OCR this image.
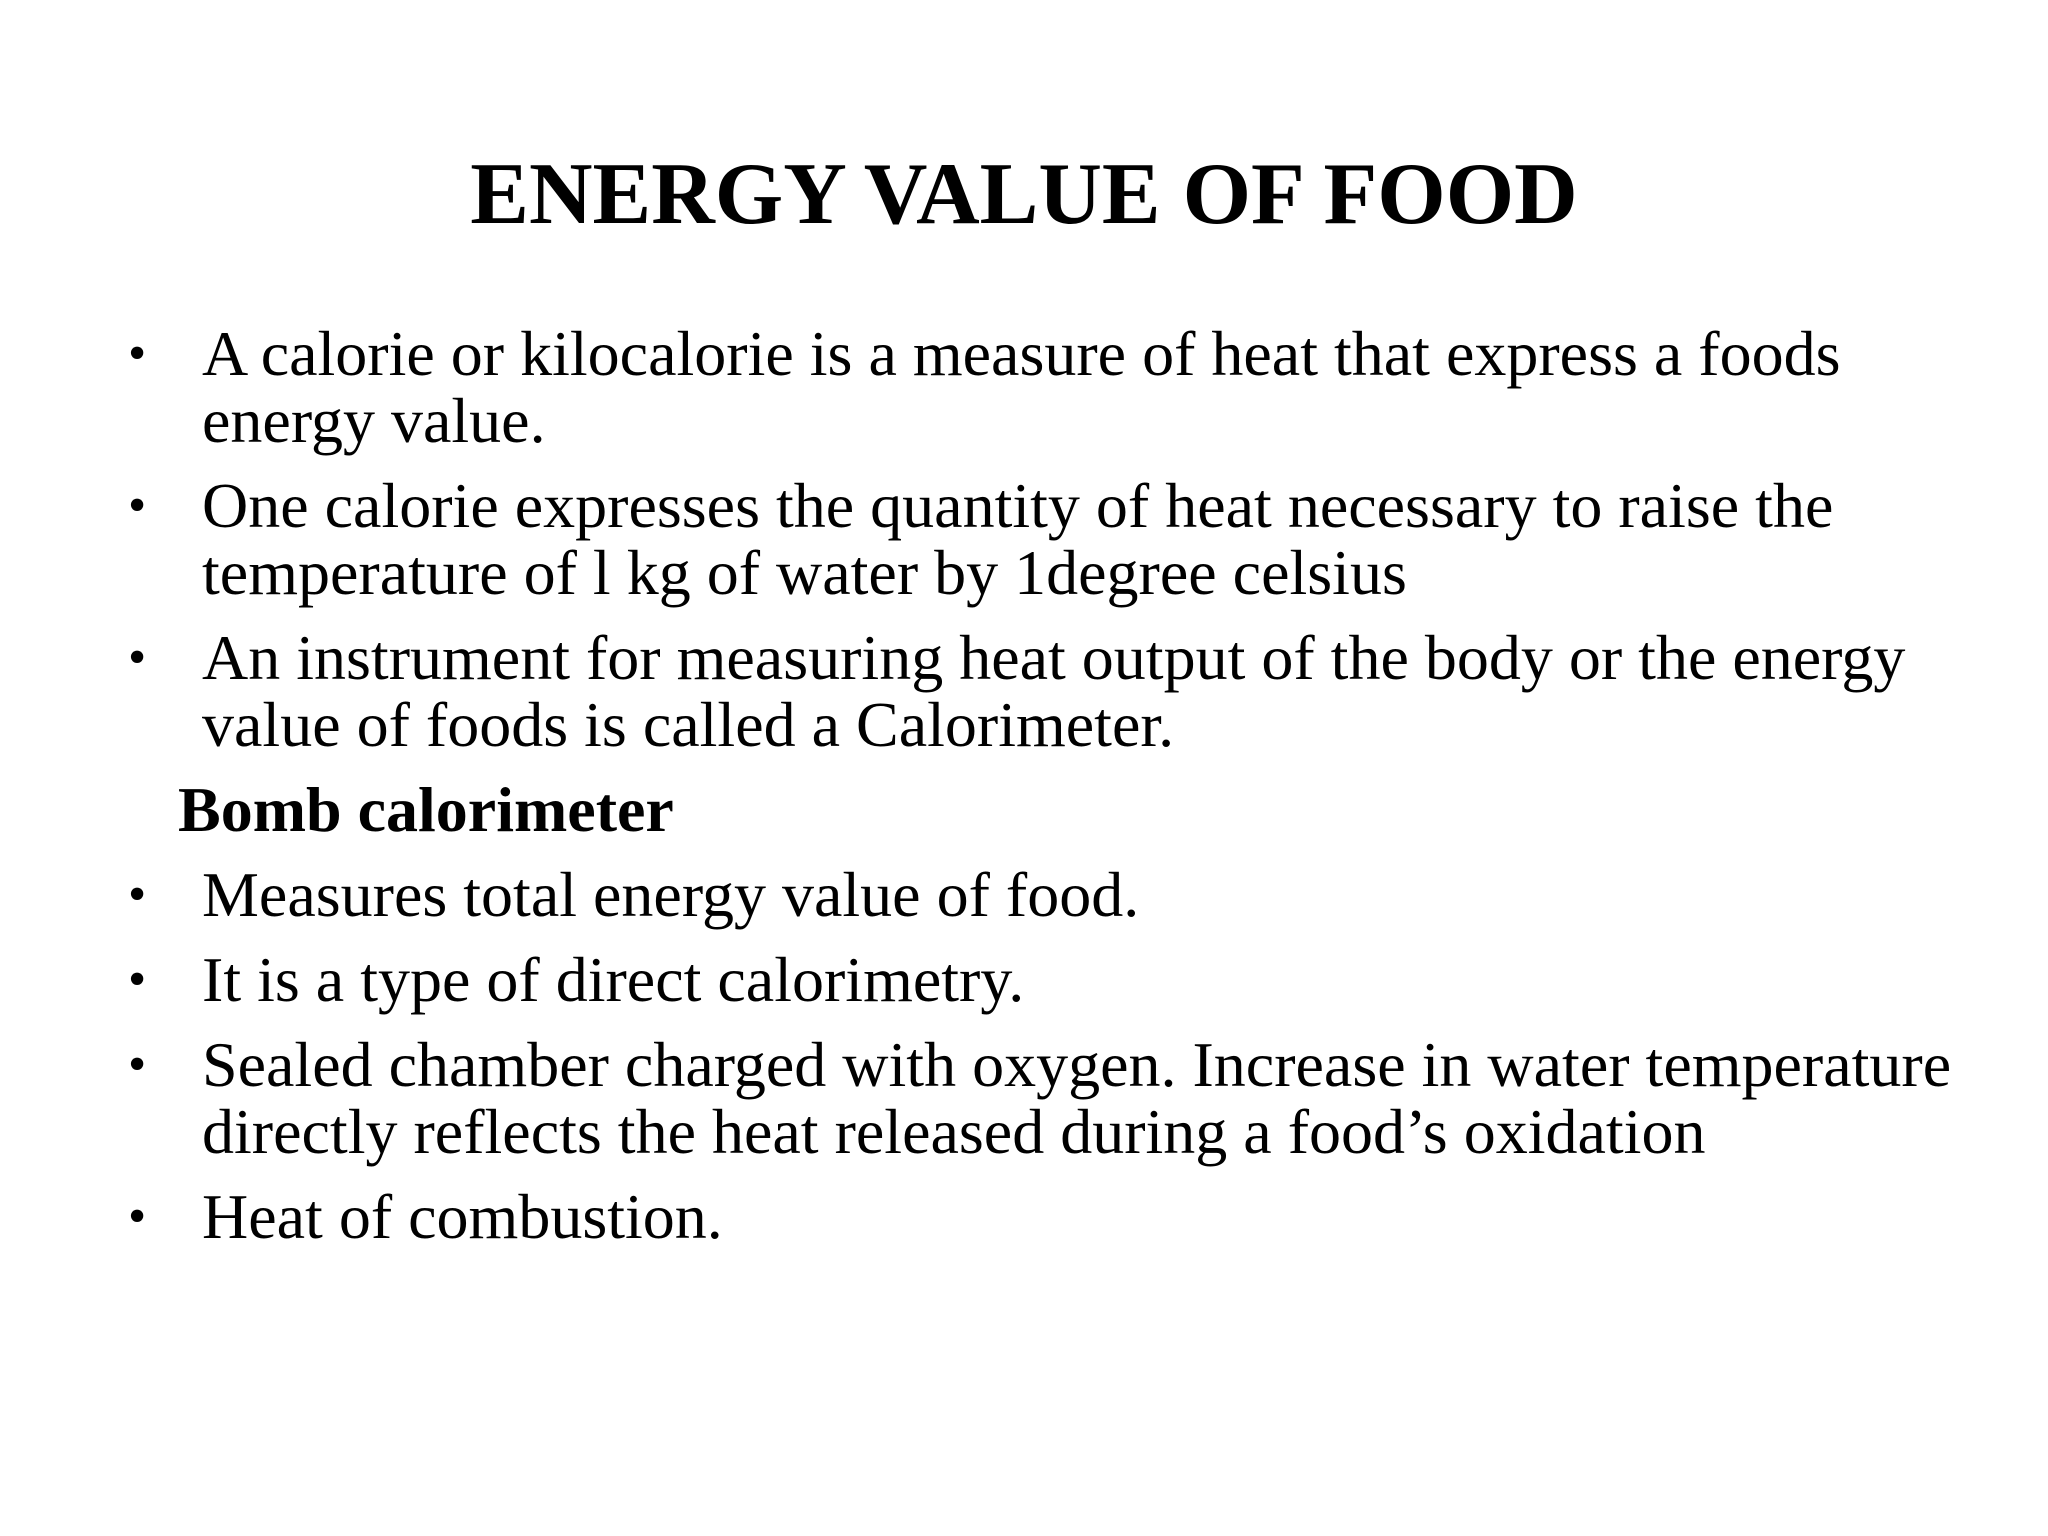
ENERGY VALUE OF FOOD
• A calorie or kilocalorie is a measure of heat that express a foods energy value.
• One calorie expresses the quantity of heat necessary to raise the temperature of l kg of water by 1degree celsius
• An instrument for measuring heat output of the body or the energy value of foods is called a Calorimeter.
Bomb calorimeter
• Measures total energy value of food.
• It is a type of direct calorimetry.
• Sealed chamber charged with oxygen. Increase in water temperature directly reflects the heat released during a food’s oxidation
• Heat of combustion.
